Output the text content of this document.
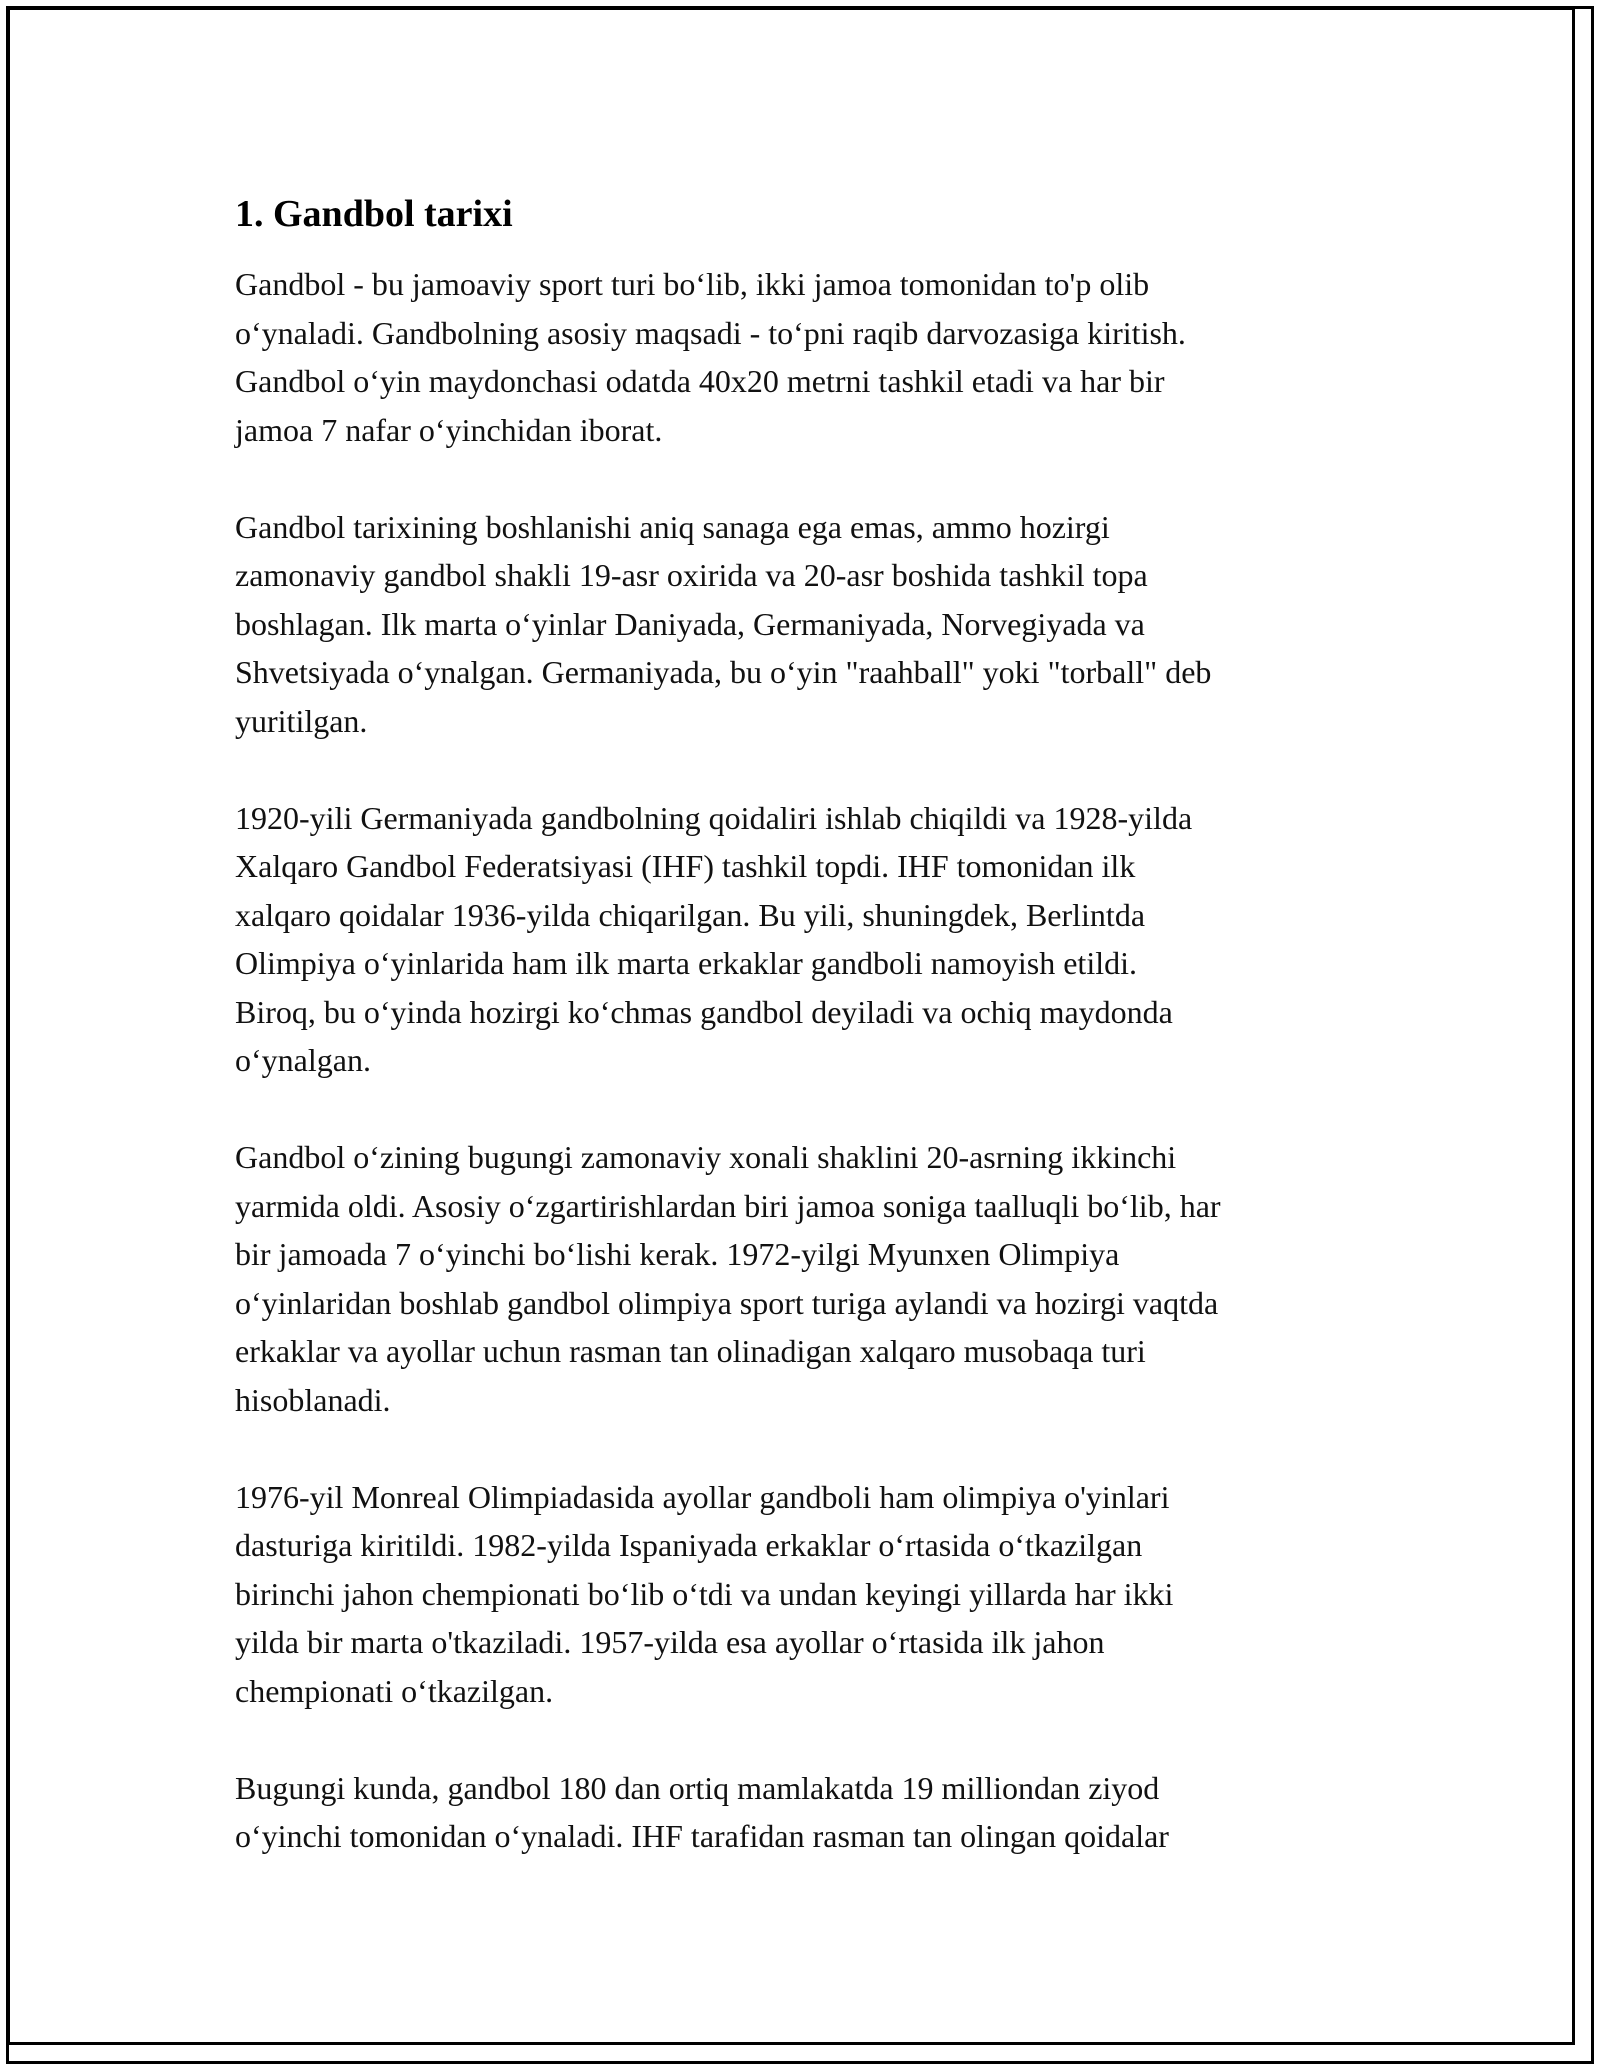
1. Gandbol tarixi

Gandbol - bu jamoaviy sport turi bo‘lib, ikki jamoa tomonidan to'p olib
o‘ynaladi. Gandbolning asosiy maqsadi - to‘pni raqib darvozasiga kiritish.
Gandbol o‘yin maydonchasi odatda 40x20 metrni tashkil etadi va har bir
jamoa 7 nafar o‘yinchidan iborat.

Gandbol tarixining boshlanishi aniq sanaga ega emas, ammo hozirgi
zamonaviy gandbol shakli 19-asr oxirida va 20-asr boshida tashkil topa
boshlagan. Ilk marta o‘yinlar Daniyada, Germaniyada, Norvegiyada va
Shvetsiyada o‘ynalgan. Germaniyada, bu o‘yin "raahball" yoki "torball" deb
yuritilgan.

1920-yili Germaniyada gandbolning qoidaliri ishlab chiqildi va 1928-yilda
Xalqaro Gandbol Federatsiyasi (IHF) tashkil topdi. IHF tomonidan ilk
xalqaro qoidalar 1936-yilda chiqarilgan. Bu yili, shuningdek, Berlintda
Olimpiya o‘yinlarida ham ilk marta erkaklar gandboli namoyish etildi.
Biroq, bu o‘yinda hozirgi ko‘chmas gandbol deyiladi va ochiq maydonda
o‘ynalgan.

Gandbol o‘zining bugungi zamonaviy xonali shaklini 20-asrning ikkinchi
yarmida oldi. Asosiy o‘zgartirishlardan biri jamoa soniga taalluqli bo‘lib, har
bir jamoada 7 o‘yinchi bo‘lishi kerak. 1972-yilgi Myunxen Olimpiya
o‘yinlaridan boshlab gandbol olimpiya sport turiga aylandi va hozirgi vaqtda
erkaklar va ayollar uchun rasman tan olinadigan xalqaro musobaqa turi
hisoblanadi.

1976-yil Monreal Olimpiadasida ayollar gandboli ham olimpiya o'yinlari
dasturiga kiritildi. 1982-yilda Ispaniyada erkaklar o‘rtasida o‘tkazilgan
birinchi jahon chempionati bo‘lib o‘tdi va undan keyingi yillarda har ikki
yilda bir marta o'tkaziladi. 1957-yilda esa ayollar o‘rtasida ilk jahon
chempionati o‘tkazilgan.

Bugungi kunda, gandbol 180 dan ortiq mamlakatda 19 milliondan ziyod
o‘yinchi tomonidan o‘ynaladi. IHF tarafidan rasman tan olingan qoidalar
